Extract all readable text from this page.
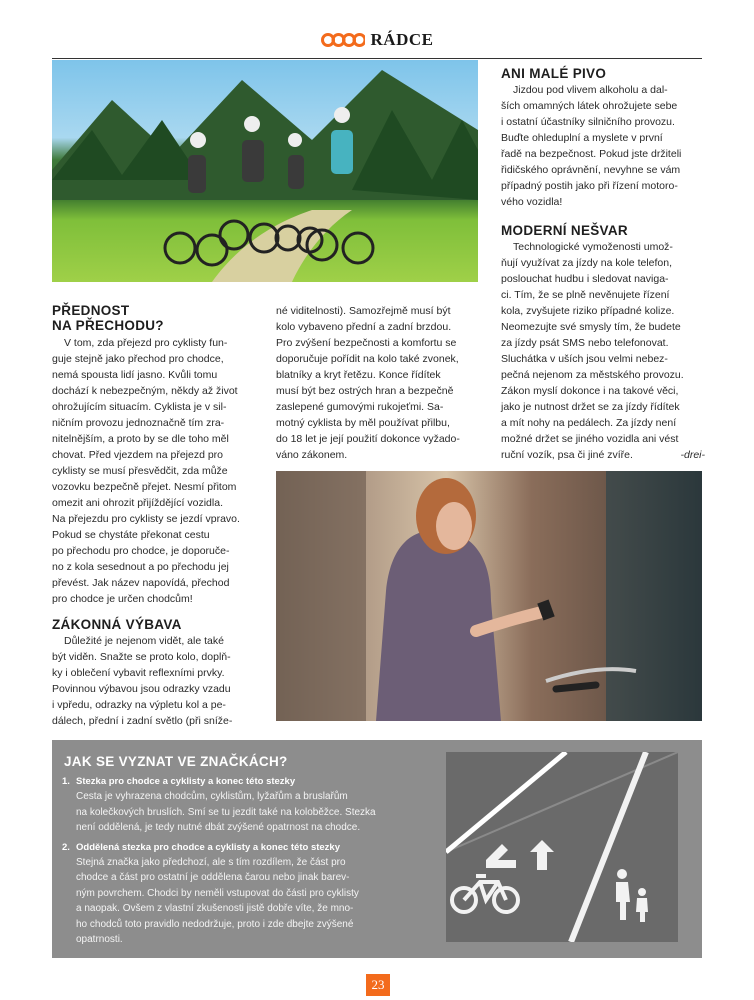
RÁDCE
PŘEDNOST
NA PŘECHODU?
V tom, zda přejezd pro cyklisty fun-
guje stejně jako přechod pro chodce,
nemá spousta lidí jasno. Kvůli tomu
dochází k nebezpečným, někdy až život
ohrožujícím situacím. Cyklista je v sil-
ničním provozu jednoznačně tím zra-
nitelnějším, a proto by se dle toho měl
chovat. Před vjezdem na přejezd pro
cyklisty se musí přesvědčit, zda může
vozovku bezpečně přejet. Nesmí přitom
omezit ani ohrozit přijíždějící vozidla.
Na přejezdu pro cyklisty se jezdí vpravo.
Pokud se chystáte překonat cestu
po přechodu pro chodce, je doporuče-
no z kola sesednout a po přechodu jej
převést. Jak název napovídá, přechod
pro chodce je určen chodcům!
ZÁKONNÁ VÝBAVA
Důležité je nejenom vidět, ale také
být viděn. Snažte se proto kolo, doplň-
ky i oblečení vybavit reflexními prvky.
Povinnou výbavou jsou odrazky vzadu
i vpředu, odrazky na výpletu kol a pe-
dálech, přední i zadní světlo (při sníže-
né viditelnosti). Samozřejmě musí být
kolo vybaveno přední a zadní brzdou.
Pro zvýšení bezpečnosti a komfortu se
doporučuje pořídit na kolo také zvonek,
blatníky a kryt řetězu. Konce řídítek
musí být bez ostrých hran a bezpečně
zaslepené gumovými rukojeťmi. Sa-
motný cyklista by měl používat přilbu,
do 18 let je její použití dokonce vyžado-
váno zákonem.
ANI MALÉ PIVO
Jizdou pod vlivem alkoholu a dal-
ších omamných látek ohrožujete sebe
i ostatní účastníky silničního provozu.
Buďte ohleduplní a myslete v první
řadě na bezpečnost. Pokud jste držiteli
řidičského oprávnění, nevyhne se vám
případný postih jako při řízení motoro-
vého vozidla!
MODERNÍ NEŠVAR
Technologické vymoženosti umož-
ňují využívat za jízdy na kole telefon,
poslouchat hudbu i sledovat naviga-
ci. Tím, že se plně nevěnujete řízení
kola, zvyšujete riziko případné kolize.
Neomezujte své smysly tím, že budete
za jízdy psát SMS nebo telefonovat.
Sluchátka v uších jsou velmi nebez-
pečná nejenom za městského provozu.
Zákon myslí dokonce i na takové věci,
jako je nutnost držet se za jízdy řídítek
a mít nohy na pedálech. Za jízdy není
možné držet se jiného vozidla ani vést
ruční vozík, psa či jiné zvíře.	-drei-
JAK SE VYZNAT VE ZNAČKÁCH?
1. Stezka pro chodce a cyklisty a konec této stezky
Cesta je vyhrazena chodcům, cyklistům, lyžařům a bruslařům
na kolečkových bruslích. Smí se tu jezdit také na koloběžce. Stezka
není oddělená, je tedy nutné dbát zvýšené opatrnost na chodce.
2. Oddělená stezka pro chodce a cyklisty a konec této stezky
Stejná značka jako předchozí, ale s tím rozdílem, že část pro
chodce a část pro ostatní je oddělena čarou nebo jinak barev-
ným povrchem. Chodci by neměli vstupovat do části pro cyklisty
a naopak. Ovšem z vlastní zkušenosti jistě dobře víte, že mno-
ho chodců toto pravidlo nedodržuje, proto i zde dbejte zvýšené
opatrnosti.
23
